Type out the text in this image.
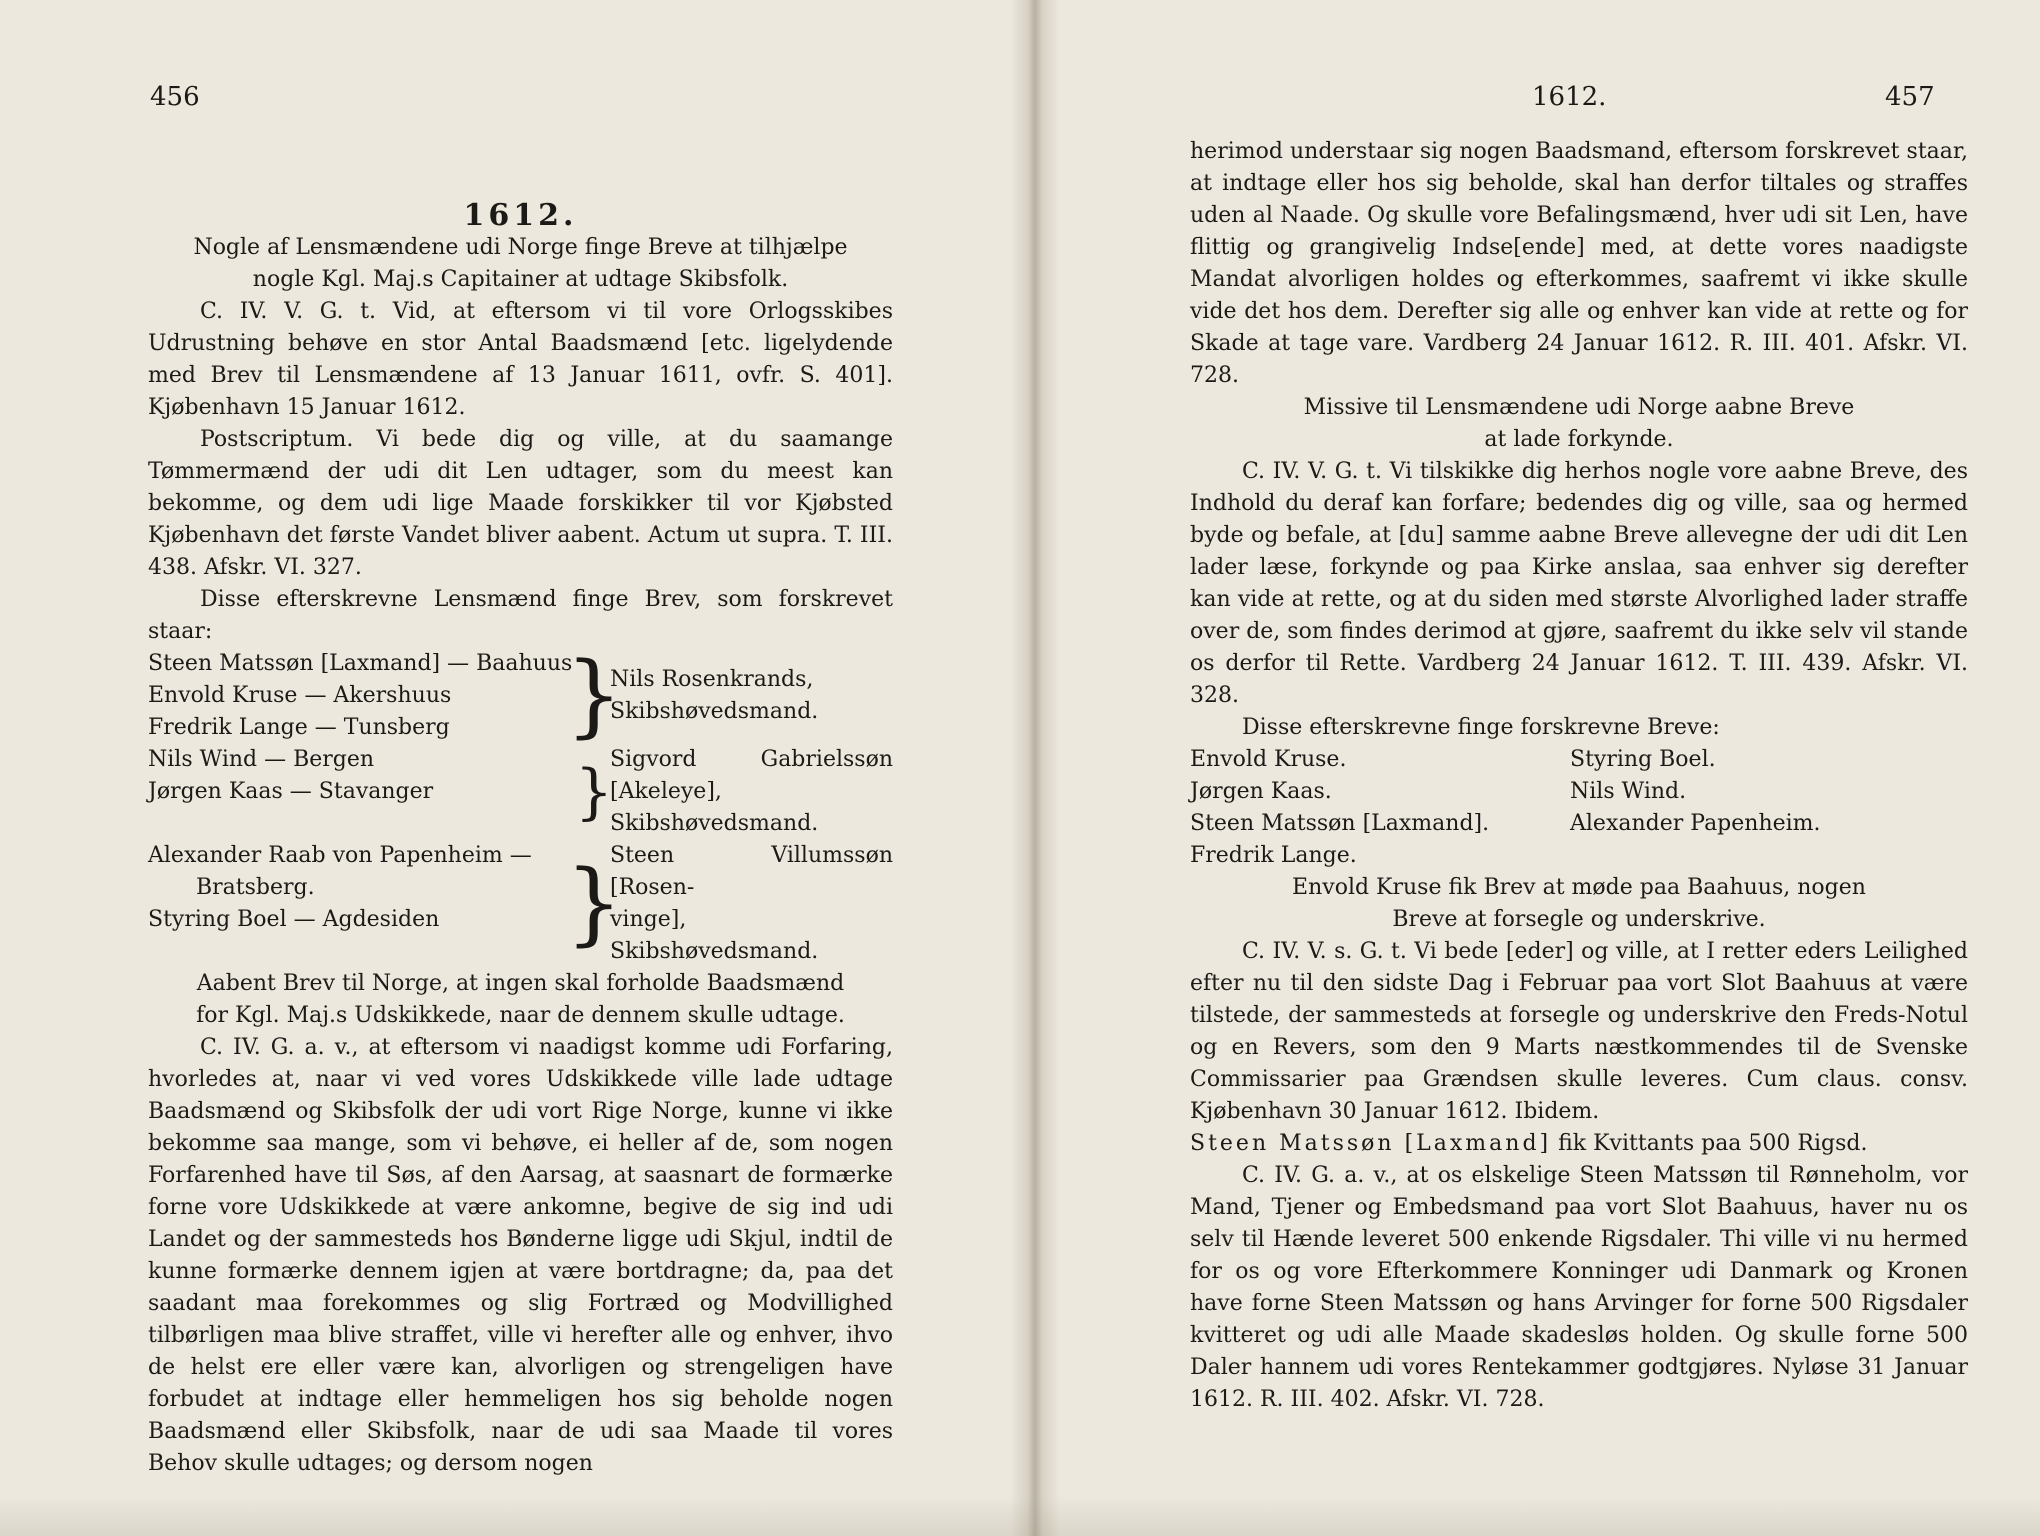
456

1612.

Nogle af Lensmændene udi Norge finge Breve at tilhjælpe

nogle Kgl. Maj.s Capitainer at udtage Skibsfolk.

C. IV. V. G. t. Vid, at eftersom vi til vore Orlogsskibes Udrustning behøve en stor Antal Baadsmænd [etc. ligelydende med Brev til Lensmændene af 13 Januar 1611, ovfr. S. 401]. Kjøbenhavn 15 Januar 1612.

Postscriptum. Vi bede dig og ville, at du saamange Tømmermænd der udi dit Len udtager, som du meest kan bekomme, og dem udi lige Maade forskikker til vor Kjøbsted Kjøbenhavn det første Vandet bliver aabent. Actum ut supra. T. III. 438. Afskr. VI. 327.

Disse efterskrevne Lensmænd finge Brev, som forskrevet staar:

Steen Matssøn [Laxmand] — Baahuus
Envold Kruse — Akershuus
Fredrik Lange — Tunsberg	}
Nils Rosenkrands,
Skibshøvedsmand.
Nils Wind — Bergen
Jørgen Kaas — Stavanger	}
Sigvord Gabrielssøn [Akeleye],
Skibshøvedsmand.
Alexander Raab von Papenheim —
Bratsberg.
Styring Boel — Agdesiden	}
Steen Villumssøn [Rosen-
vinge], Skibshøvedsmand.

Aabent Brev til Norge, at ingen skal forholde Baadsmænd

for Kgl. Maj.s Udskikkede, naar de dennem skulle udtage.

C. IV. G. a. v., at eftersom vi naadigst komme udi Forfaring, hvorledes at, naar vi ved vores Udskikkede ville lade udtage Baadsmænd og Skibsfolk der udi vort Rige Norge, kunne vi ikke bekomme saa mange, som vi behøve, ei heller af de, som nogen Forfarenhed have til Søs, af den Aarsag, at saasnart de formærke forne vore Udskikkede at være ankomne, begive de sig ind udi Landet og der sammesteds hos Bønderne ligge udi Skjul, indtil de kunne formærke dennem igjen at være bortdragne; da, paa det saadant maa forekommes og slig Fortræd og Modvillighed tilbørligen maa blive straffet, ville vi herefter alle og enhver, ihvo de helst ere eller være kan, alvorligen og strengeligen have forbudet at indtage eller hemmeligen hos sig beholde nogen Baadsmænd eller Skibsfolk, naar de udi saa Maade til vores Behov skulle udtages; og dersom nogen

1612.	457

herimod understaar sig nogen Baadsmand, eftersom forskrevet staar, at indtage eller hos sig beholde, skal han derfor tiltales og straffes uden al Naade. Og skulle vore Befalingsmænd, hver udi sit Len, have flittig og grangivelig Indse[ende] med, at dette vores naadigste Mandat alvorligen holdes og efterkommes, saafremt vi ikke skulle vide det hos dem. Derefter sig alle og enhver kan vide at rette og for Skade at tage vare. Vardberg 24 Januar 1612. R. III. 401. Afskr. VI. 728.

Missive til Lensmændene udi Norge aabne Breve

at lade forkynde.

C. IV. V. G. t. Vi tilskikke dig herhos nogle vore aabne Breve, des Indhold du deraf kan forfare; bedendes dig og ville, saa og hermed byde og befale, at [du] samme aabne Breve allevegne der udi dit Len lader læse, forkynde og paa Kirke anslaa, saa enhver sig derefter kan vide at rette, og at du siden med største Alvorlighed lader straffe over de, som findes derimod at gjøre, saafremt du ikke selv vil stande os derfor til Rette. Vardberg 24 Januar 1612. T. III. 439. Afskr. VI. 328.

Disse efterskrevne finge forskrevne Breve:

Envold Kruse.	Styring Boel.
Jørgen Kaas.	Nils Wind.
Steen Matssøn [Laxmand].	Alexander Papenheim.
Fredrik Lange.

Envold Kruse fik Brev at møde paa Baahuus, nogen

Breve at forsegle og underskrive.

C. IV. V. s. G. t. Vi bede [eder] og ville, at I retter eders Leilighed efter nu til den sidste Dag i Februar paa vort Slot Baahuus at være tilstede, der sammesteds at forsegle og underskrive den Freds-Notul og en Revers, som den 9 Marts næstkommendes til de Svenske Commissarier paa Grændsen skulle leveres. Cum claus. consv. Kjøbenhavn 30 Januar 1612. Ibidem.

Steen Matssøn [Laxmand] fik Kvittants paa 500 Rigsd.

C. IV. G. a. v., at os elskelige Steen Matssøn til Rønneholm, vor Mand, Tjener og Embedsmand paa vort Slot Baahuus, haver nu os selv til Hænde leveret 500 enkende Rigsdaler. Thi ville vi nu hermed for os og vore Efterkommere Konninger udi Danmark og Kronen have forne Steen Matssøn og hans Arvinger for forne 500 Rigsdaler kvitteret og udi alle Maade skadesløs holden. Og skulle forne 500 Daler hannem udi vores Rentekammer godtgjøres. Nyløse 31 Januar 1612. R. III. 402. Afskr. VI. 728.
